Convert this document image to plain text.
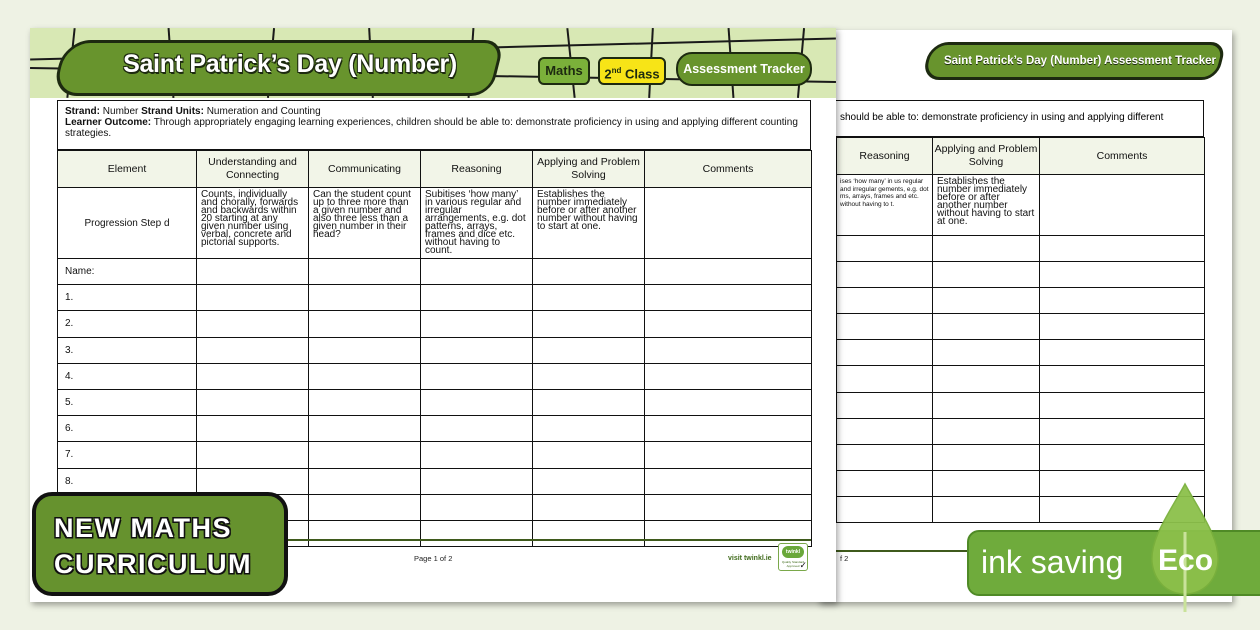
Saint Patrick’s Day (Number) Assessment Tracker
should be able to: demonstrate proficiency in using and applying different
Reasoning	Applying and Problem Solving	Comments
ises ‘how many’ in us regular and irregular gements, e.g. dot ms, arrays, frames and etc. without having to t.	Establishes the number immediately before or after another number without having to start at one.	

f 2
Saint Patrick’s Day (Number)	Maths	2nd Class	Assessment Tracker
Strand: Number Strand Units: Numeration and Counting
Learner Outcome: Through appropriately engaging learning experiences, children should be able to: demonstrate proficiency in using and applying different counting strategies.
Element	Understanding and Connecting	Communicating	Reasoning	Applying and Problem Solving	Comments
Progression Step d	Counts, individually and chorally, forwards and backwards within 20 starting at any given number using verbal, concrete and pictorial supports.	Can the student count up to three more than a given number and also three less than a given number in their head?	Subitises ‘how many’ in various regular and irregular arrangements, e.g. dot patterns, arrays, frames and dice etc. without having to count.	Establishes the number immediately before or after another number without having to start at one.	
Name:					
1.					
2.					
3.					
4.					
5.					
6.					
7.					
8.					

Page 1 of 2	visit twinkl.ie
twinkl
Quality Standard Approved ✓
NEW MATHS
CURRICULUM	ink saving Eco
